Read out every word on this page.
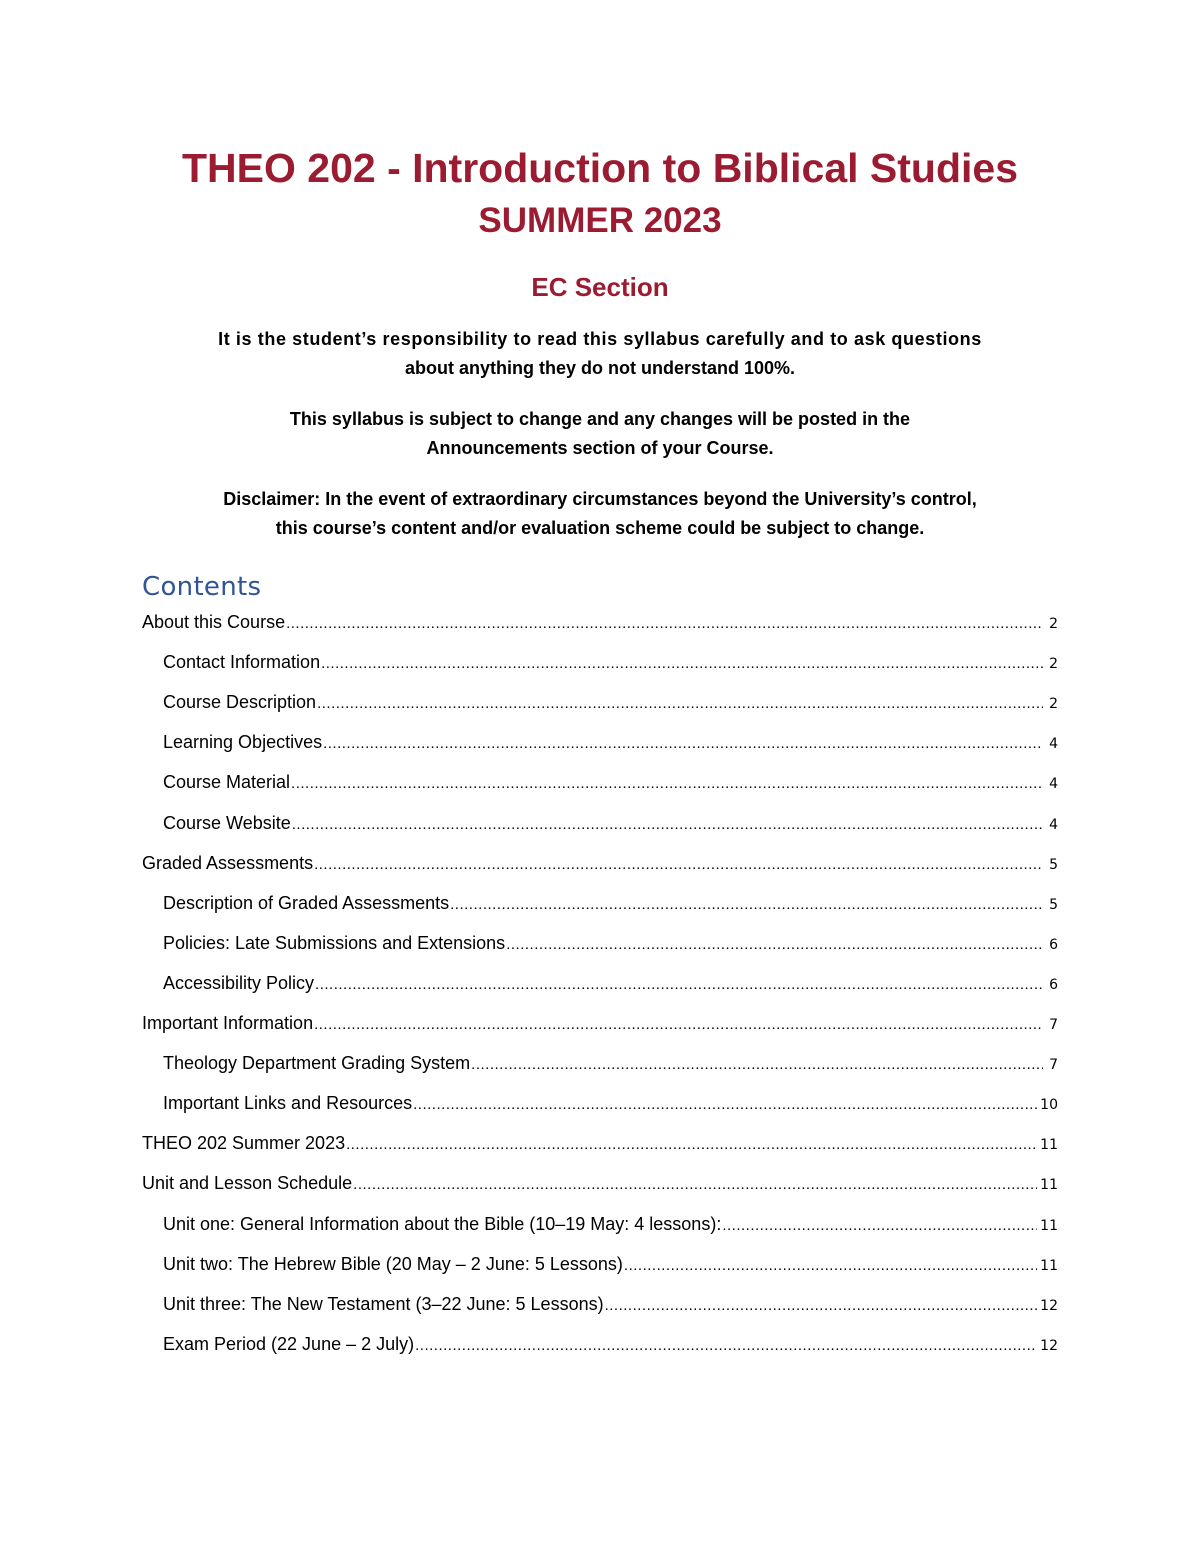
THEO 202 - Introduction to Biblical Studies
SUMMER 2023
EC Section
It is the student’s responsibility to read this syllabus carefully and to ask questions
about anything they do not understand 100%.
This syllabus is subject to change and any changes will be posted in the
Announcements section of your Course.
Disclaimer: In the event of extraordinary circumstances beyond the University’s control,
this course’s content and/or evaluation scheme could be subject to change.
Contents
About this Course .....	2
Contact Information .....	2
Course Description .....	2
Learning Objectives .....	4
Course Material .....	4
Course Website .....	4
Graded Assessments .....	5
Description of Graded Assessments .....	5
Policies: Late Submissions and Extensions .....	6
Accessibility Policy .....	6
Important Information .....	7
Theology Department Grading System .....	7
Important Links and Resources .....	10
THEO 202 Summer 2023 .....	11
Unit and Lesson Schedule .....	11
Unit one: General Information about the Bible (10–19 May: 4 lessons): .....	11
Unit two: The Hebrew Bible (20 May – 2 June: 5 Lessons) .....	11
Unit three: The New Testament (3–22 June: 5 Lessons) .....	12
Exam Period (22 June – 2 July) .....	12
